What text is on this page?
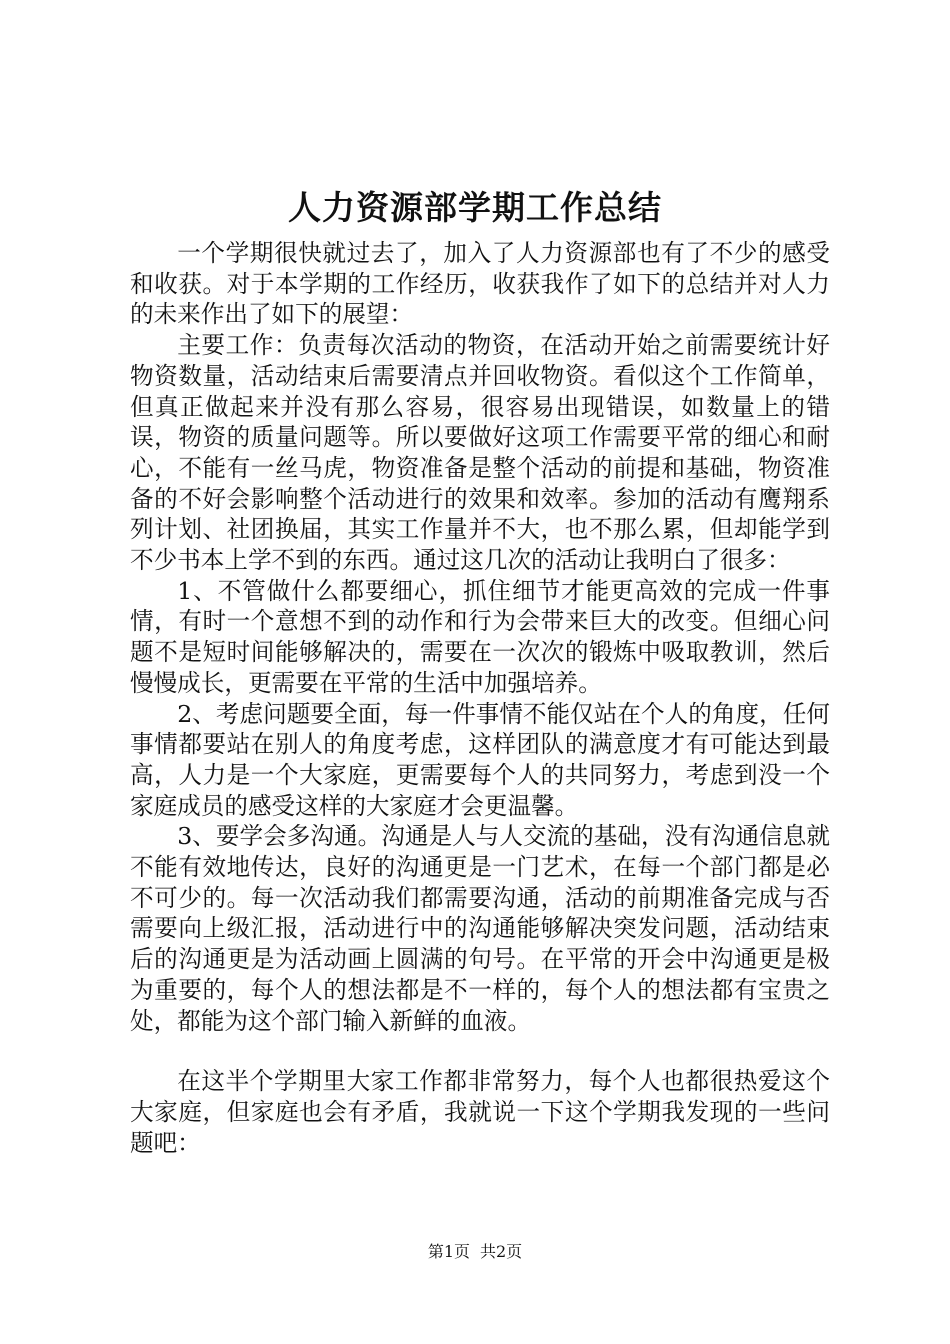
人力资源部学期工作总结

一个学期很快就过去了，加入了人力资源部也有了不少的感受和收获。对于本学期的工作经历，收获我作了如下的总结并对人力的未来作出了如下的展望：

主要工作：负责每次活动的物资，在活动开始之前需要统计好物资数量，活动结束后需要清点并回收物资。看似这个工作简单，但真正做起来并没有那么容易，很容易出现错误，如数量上的错误，物资的质量问题等。所以要做好这项工作需要平常的细心和耐心，不能有一丝马虎，物资准备是整个活动的前提和基础，物资准备的不好会影响整个活动进行的效果和效率。参加的活动有鹰翔系列计划、社团换届，其实工作量并不大，也不那么累，但却能学到不少书本上学不到的东西。通过这几次的活动让我明白了很多：

1、不管做什么都要细心，抓住细节才能更高效的完成一件事情，有时一个意想不到的动作和行为会带来巨大的改变。但细心问题不是短时间能够解决的，需要在一次次的锻炼中吸取教训，然后慢慢成长，更需要在平常的生活中加强培养。

2、考虑问题要全面，每一件事情不能仅站在个人的角度，任何事情都要站在别人的角度考虑，这样团队的满意度才有可能达到最高，人力是一个大家庭，更需要每个人的共同努力，考虑到没一个家庭成员的感受这样的大家庭才会更温馨。

3、要学会多沟通。沟通是人与人交流的基础，没有沟通信息就不能有效地传达，良好的沟通更是一门艺术，在每一个部门都是必不可少的。每一次活动我们都需要沟通，活动的前期准备完成与否需要向上级汇报，活动进行中的沟通能够解决突发问题，活动结束后的沟通更是为活动画上圆满的句号。在平常的开会中沟通更是极为重要的，每个人的想法都是不一样的，每个人的想法都有宝贵之处，都能为这个部门输入新鲜的血液。

在这半个学期里大家工作都非常努力，每个人也都很热爱这个大家庭，但家庭也会有矛盾，我就说一下这个学期我发现的一些问题吧：

第1页 共2页
